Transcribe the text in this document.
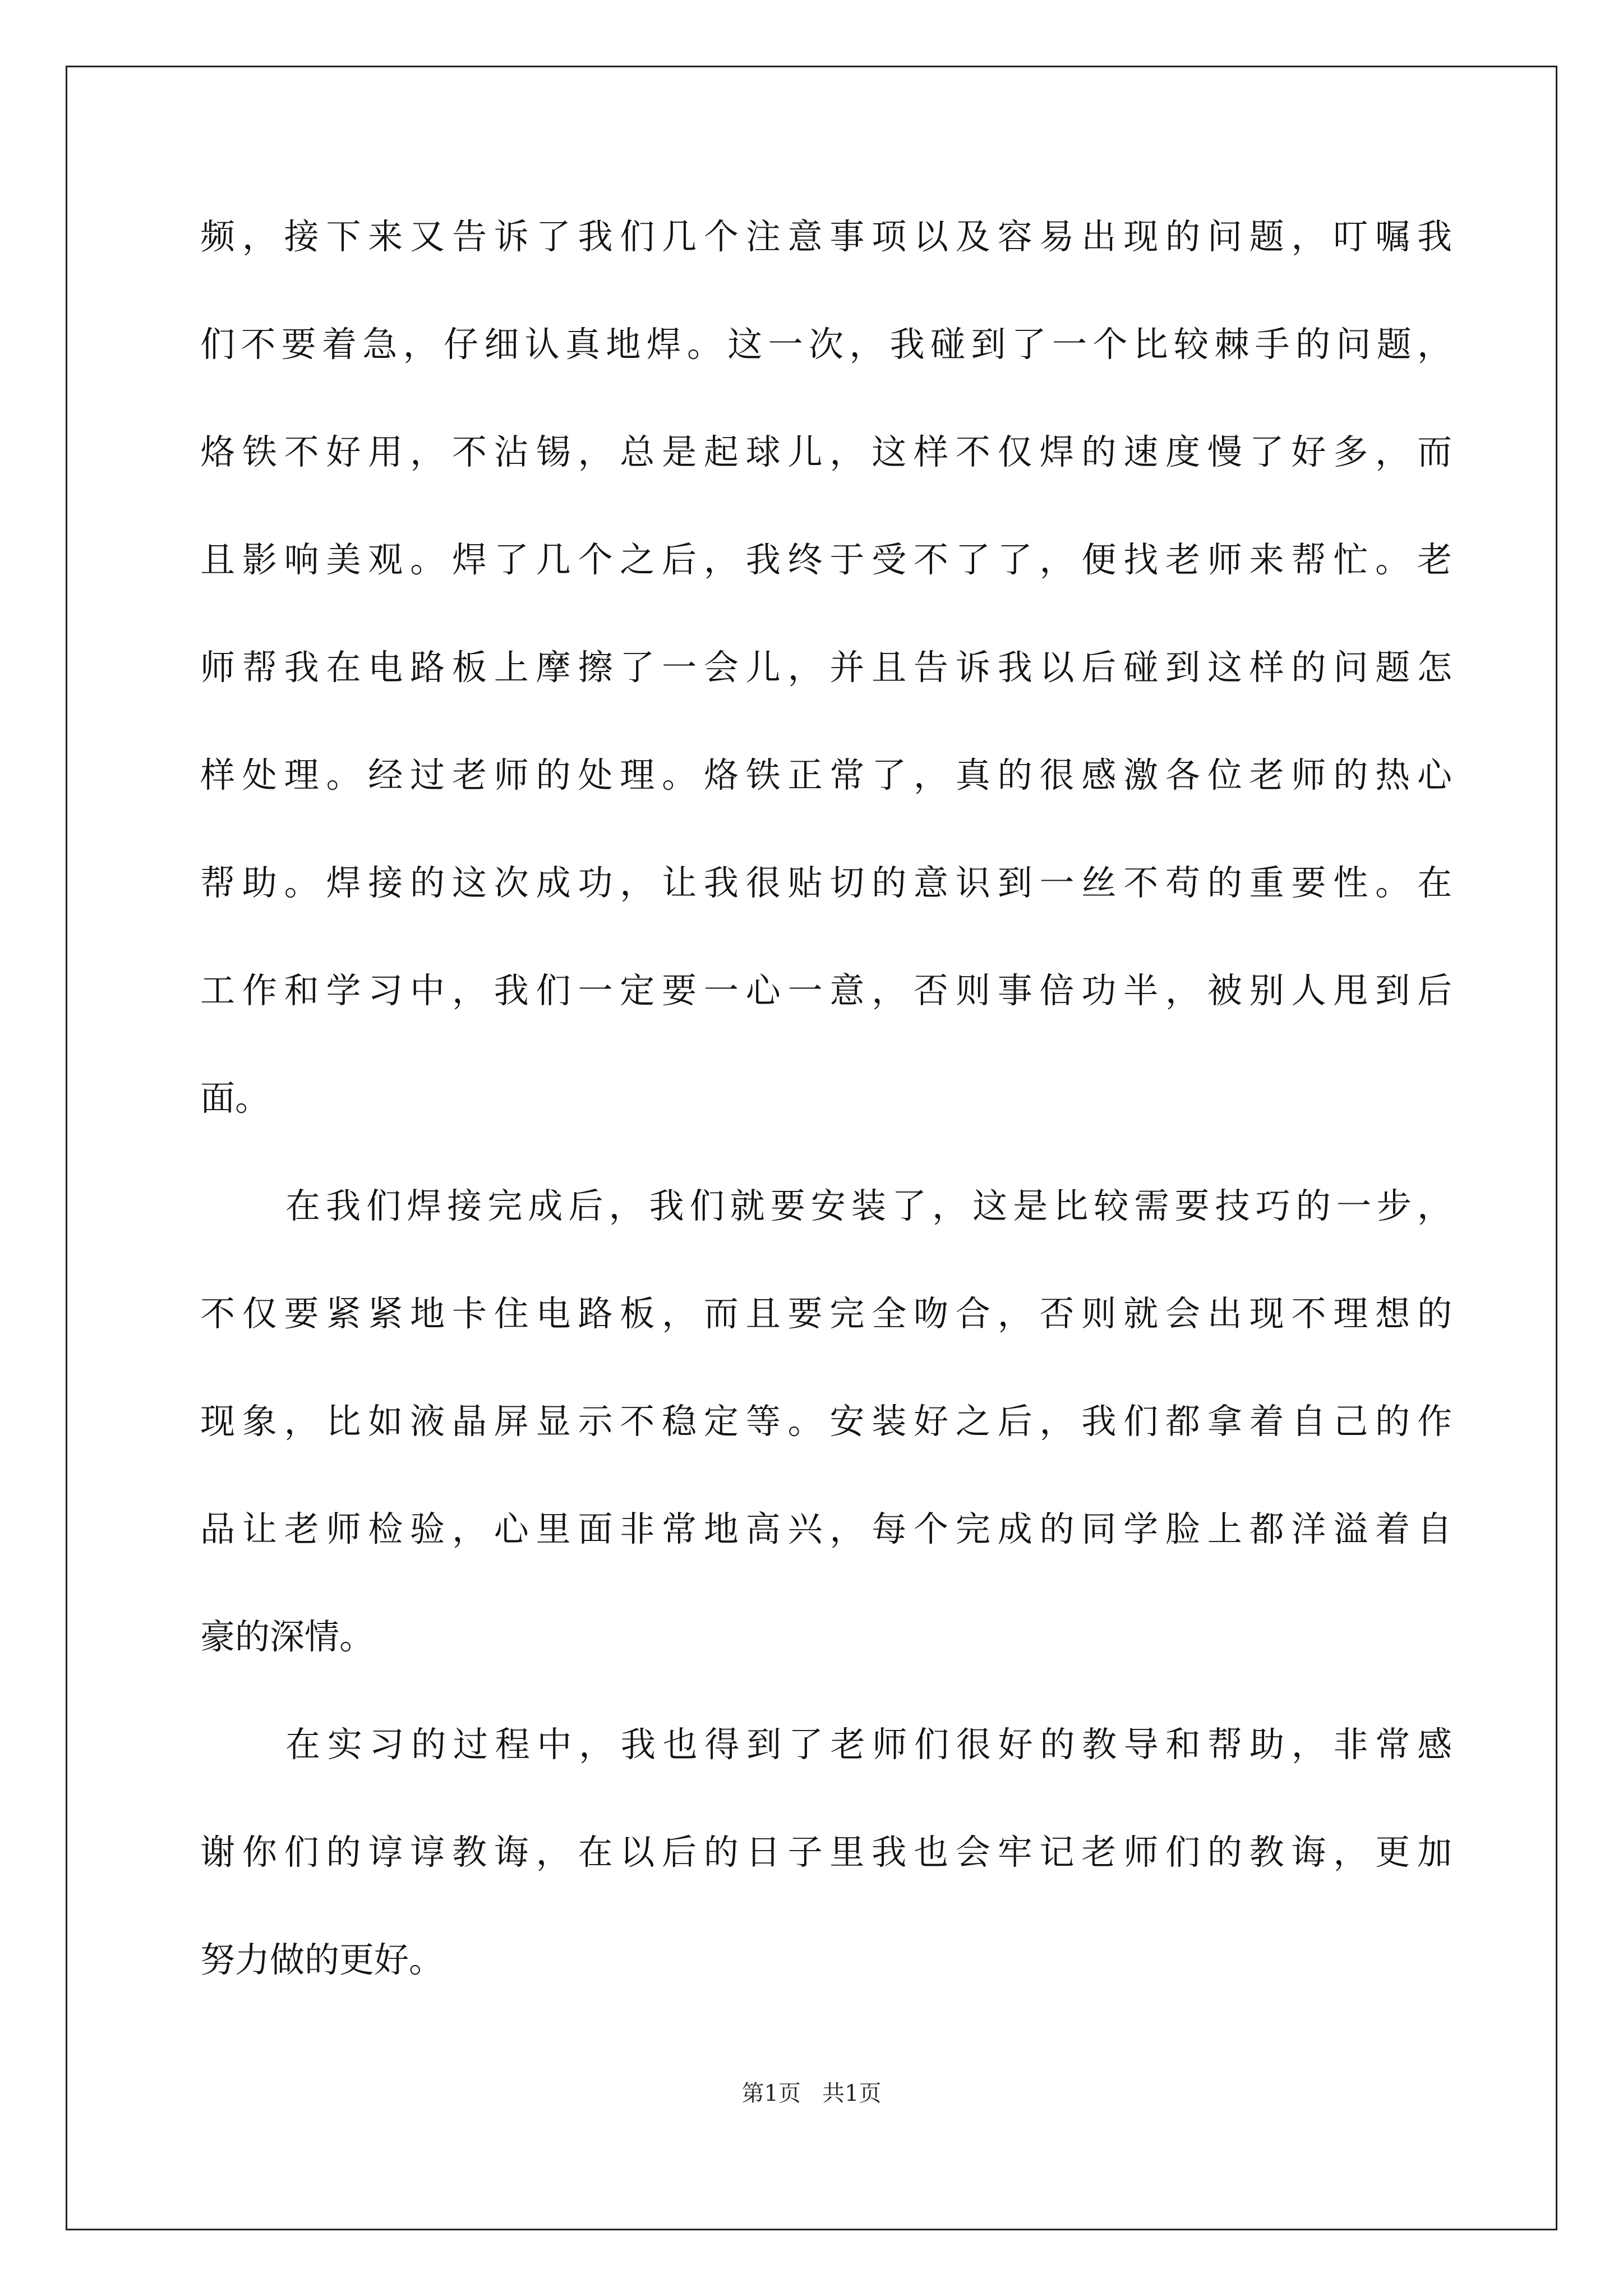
频，接下来又告诉了我们几个注意事项以及容易出现的问题，叮嘱我
们不要着急，仔细认真地焊。这一次，我碰到了一个比较棘手的问题，
烙铁不好用，不沾锡，总是起球儿，这样不仅焊的速度慢了好多，而
且影响美观。焊了几个之后，我终于受不了了，便找老师来帮忙。老
师帮我在电路板上摩擦了一会儿，并且告诉我以后碰到这样的问题怎
样处理。经过老师的处理。烙铁正常了，真的很感激各位老师的热心
帮助。焊接的这次成功，让我很贴切的意识到一丝不苟的重要性。在
工作和学习中，我们一定要一心一意，否则事倍功半，被别人甩到后
面。
在我们焊接完成后，我们就要安装了，这是比较需要技巧的一步，
不仅要紧紧地卡住电路板，而且要完全吻合，否则就会出现不理想的
现象，比如液晶屏显示不稳定等。安装好之后，我们都拿着自己的作
品让老师检验，心里面非常地高兴，每个完成的同学脸上都洋溢着自
豪的深情。
在实习的过程中，我也得到了老师们很好的教导和帮助，非常感
谢你们的谆谆教诲，在以后的日子里我也会牢记老师们的教诲，更加
努力做的更好。
第1页 共1页
